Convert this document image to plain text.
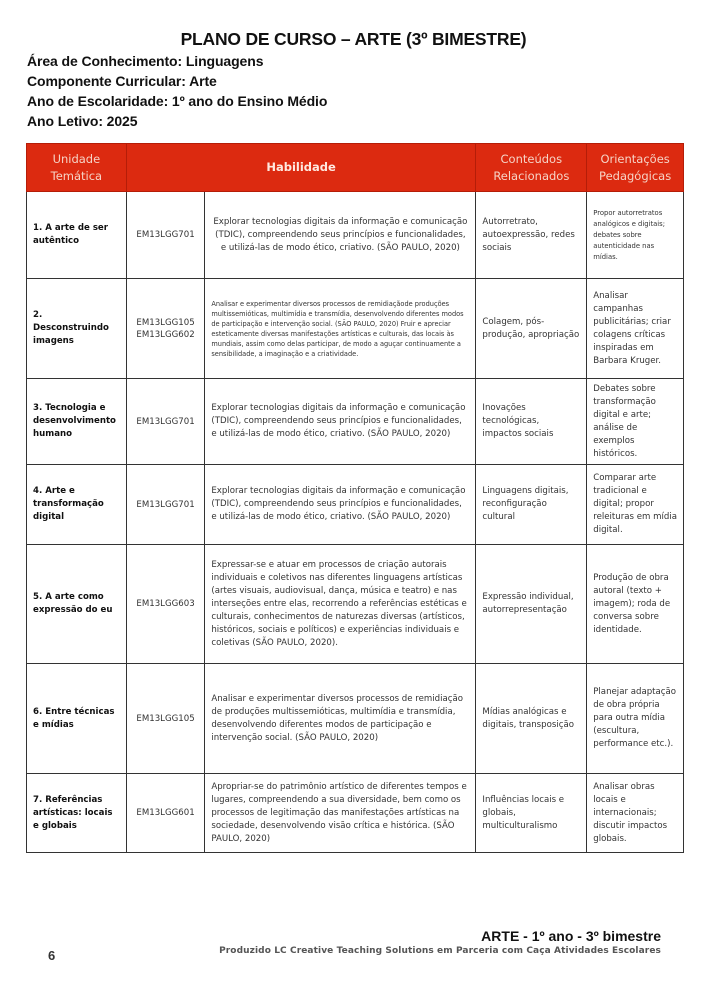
PLANO DE CURSO – ARTE (3º BIMESTRE)
Área de Conhecimento: Linguagens
Componente Curricular: Arte
Ano de Escolaridade: 1º ano do Ensino Médio
Ano Letivo: 2025
Unidade Temática	Habilidade		Conteúdos Relacionados	Orientações Pedagógicas
1. A arte de ser autêntico	EM13LGG701	Explorar tecnologias digitais da informação e comunicação (TDIC), compreendendo seus princípios e funcionalidades, e utilizá-las de modo ético, criativo. (SÃO PAULO, 2020)	Autorretrato, autoexpressão, redes sociais	Propor autorretratos analógicos e digitais; debates sobre autenticidade nas mídias.
2. Desconstruindo imagens	EM13LGG105 EM13LGG602	Analisar e experimentar diversos processos de remidiaçãode produções multissemióticas, multimídia e transmídia, desenvolvendo diferentes modos de participação e intervenção social. (SÃO PAULO, 2020) Fruir e apreciar esteticamente diversas manifestações artísticas e culturais, das locais às mundiais, assim como delas participar, de modo a aguçar continuamente a sensibilidade, a imaginação e a criatividade.	Colagem, pós-produção, apropriação	Analisar campanhas publicitárias; criar colagens críticas inspiradas em Barbara Kruger.
3. Tecnologia e desenvolvimento humano	EM13LGG701	Explorar tecnologias digitais da informação e comunicação (TDIC), compreendendo seus princípios e funcionalidades, e utilizá-las de modo ético, criativo. (SÃO PAULO, 2020)	Inovações tecnológicas, impactos sociais	Debates sobre transformação digital e arte; análise de exemplos históricos.
4. Arte e transformação digital	EM13LGG701	Explorar tecnologias digitais da informação e comunicação (TDIC), compreendendo seus princípios e funcionalidades, e utilizá-las de modo ético, criativo. (SÃO PAULO, 2020)	Linguagens digitais, reconfiguração cultural	Comparar arte tradicional e digital; propor releituras em mídia digital.
5. A arte como expressão do eu	EM13LGG603	Expressar-se e atuar em processos de criação autorais individuais e coletivos nas diferentes linguagens artísticas (artes visuais, audiovisual, dança, música e teatro) e nas interseções entre elas, recorrendo a referências estéticas e culturais, conhecimentos de naturezas diversas (artísticos, históricos, sociais e políticos) e experiências individuais e coletivas (SÃO PAULO, 2020).	Expressão individual, autorrepresentação	Produção de obra autoral (texto + imagem); roda de conversa sobre identidade.
6. Entre técnicas e mídias	EM13LGG105	Analisar e experimentar diversos processos de remidiação de produções multissemióticas, multimídia e transmídia, desenvolvendo diferentes modos de participação e intervenção social. (SÃO PAULO, 2020)	Mídias analógicas e digitais, transposição	Planejar adaptação de obra própria para outra mídia (escultura, performance etc.).
7. Referências artísticas: locais e globais	EM13LGG601	Apropriar-se do patrimônio artístico de diferentes tempos e lugares, compreendendo a sua diversidade, bem como os processos de legitimação das manifestações artísticas na sociedade, desenvolvendo visão crítica e histórica. (SÃO PAULO, 2020)	Influências locais e globais, multiculturalismo	Analisar obras locais e internacionais; discutir impactos globais.
ARTE - 1º ano - 3º bimestre
Produzido LC Creative Teaching Solutions em Parceria com Caça Atividades Escolares
6
